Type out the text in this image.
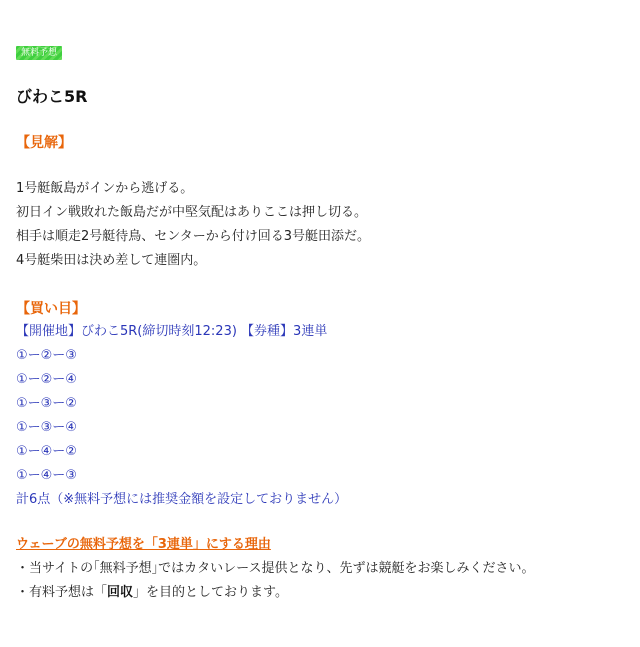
無料予想
びわこ5R
【見解】
1号艇飯島がインから逃げる。
初日イン戦敗れた飯島だが中堅気配はありここは押し切る。
相手は順走2号艇待鳥、センターから付け回る3号艇田添だ。
4号艇柴田は決め差して連圏内。
【買い目】
【開催地】びわこ5R(締切時刻12:23) 【券種】3連単
①ー②ー③
①ー②ー④
①ー③ー②
①ー③ー④
①ー④ー②
①ー④ー③
計6点（※無料予想には推奨金額を設定しておりません）
ウェーブの無料予想を「3連単」にする理由
・当サイトの｢無料予想｣ではカタいレース提供となり、先ずは競艇をお楽しみください。
・有料予想は「回収」を目的としております。
